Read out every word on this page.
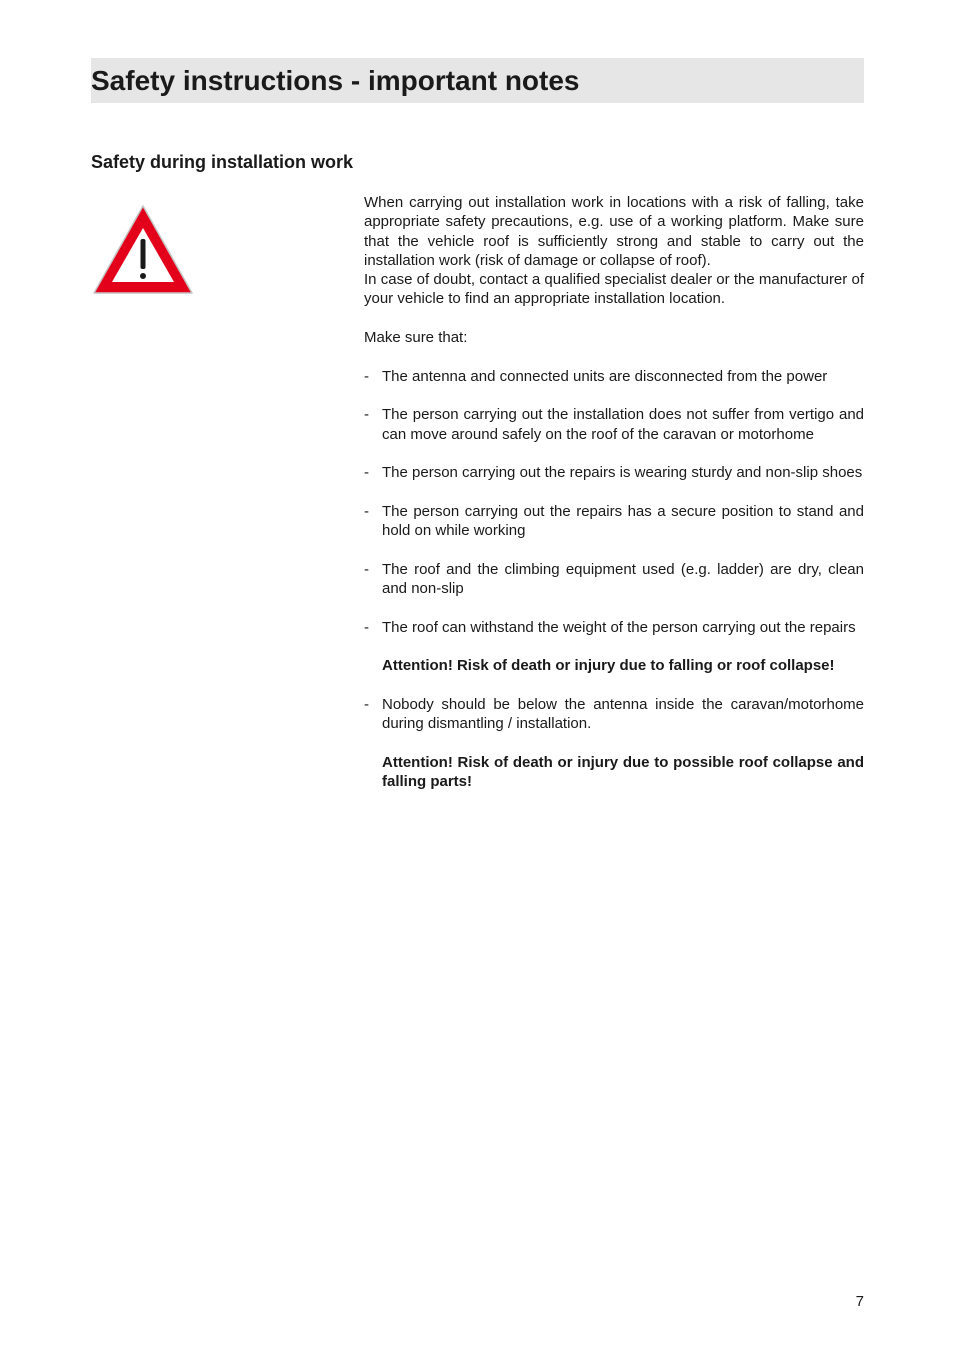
Safety instructions - important notes
Safety during installation work

When carrying out installation work in locations with a risk of falling, take appropriate safety precautions, e.g. use of a working platform. Make sure that the vehicle roof is sufficiently strong and stable to carry out the installation work (risk of damage or collapse of roof).

In case of doubt, contact a qualified specialist dealer or the manufacturer of your vehicle to find an appropriate installation location.

Make sure that:

- The antenna and connected units are disconnected from the power
- The person carrying out the installation does not suffer from vertigo and can move around safely on the roof of the caravan or motorhome
- The person carrying out the repairs is wearing sturdy and non-slip shoes
- The person carrying out the repairs has a secure position to stand and hold on while working
- The roof and the climbing equipment used (e.g. ladder) are dry, clean and non-slip
- The roof can withstand the weight of the person carrying out the repairs

Attention! Risk of death or injury due to falling or roof collapse!

- Nobody should be below the antenna inside the caravan/motorhome during dismantling / installation.

Attention! Risk of death or injury due to possible roof collapse and falling parts!

7
